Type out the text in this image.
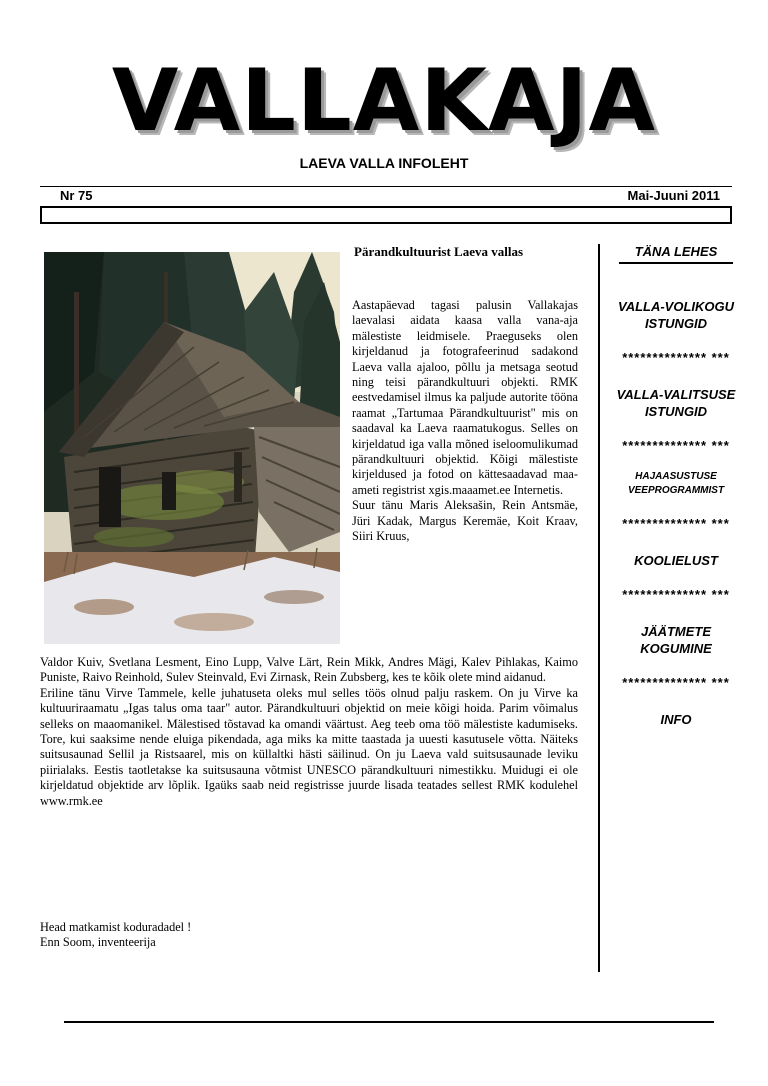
VALLAKAJA
LAEVA VALLA INFOLEHT
Nr 75	Mai-Juuni 2011
Pärandkultuurist Laeva vallas

Aastapäevad tagasi palusin Vallakajas laevalasi aidata kaasa valla vana-aja mälestiste leidmisele. Praeguseks olen kirjeldanud ja fotografeerinud sadakond Laeva valla ajaloo, põllu ja metsaga seotud ning teisi pärandkultuuri objekti. RMK eestvedamisel ilmus ka paljude autorite tööna raamat „Tartumaa Pärandkultuurist" mis on saadaval ka Laeva raamatukogus. Selles on kirjeldatud iga valla mõned iseloomulikumad pärandkultuuri objektid. Kõigi mälestiste kirjeldused ja fotod on kättesaadavad maa-ameti registrist xgis.maaamet.ee Internetis.

Suur tänu Maris Aleksašin, Rein Antsmäe, Jüri Kadak, Margus Keremäe, Koit Kraav, Siiri Kruus,

Valdor Kuiv, Svetlana Lesment, Eino Lupp, Valve Lärt, Rein Mikk, Andres Mägi, Kalev Pihlakas, Kaimo Puniste, Raivo Reinhold, Sulev Steinvald, Evi Zirnask, Rein Zubsberg, kes te kõik olete mind aidanud.

Eriline tänu Virve Tammele, kelle juhatuseta oleks mul selles töös olnud palju raskem. On ju Virve ka kultuuriraamatu „Igas talus oma taar" autor. Pärandkultuuri objektid on meie kõigi hoida. Parim võimalus selleks on maaomanikel. Mälestised tõstavad ka omandi väärtust. Aeg teeb oma töö mälestiste kadumiseks. Tore, kui saaksime nende eluiga pikendada, aga miks ka mitte taastada ja uuesti kasutusele võtta. Näiteks suitsusaunad Sellil ja Ristsaarel, mis on küllaltki hästi säilinud. On ju Laeva vald suitsusaunade leviku piirialaks. Eestis taotletakse ka suitsusauna võtmist UNESCO pärandkultuuri nimestikku. Muidugi ei ole kirjeldatud objektide arv lõplik. Igaüks saab neid registrisse juurde lisada teatades sellest RMK kodulehel www.rmk.ee

Head matkamist koduradadel !
Enn Soom, inventeerija
TÄNA LEHES
VALLA-VOLIKOGU ISTUNGID
************** ***
VALLA-VALITSUSE ISTUNGID
************** ***
HAJAASUSTUSE VEEPROGRAMMIST
************** ***
KOOLIELUST
************** ***
JÄÄTMETE KOGUMINE
************** ***
INFO
